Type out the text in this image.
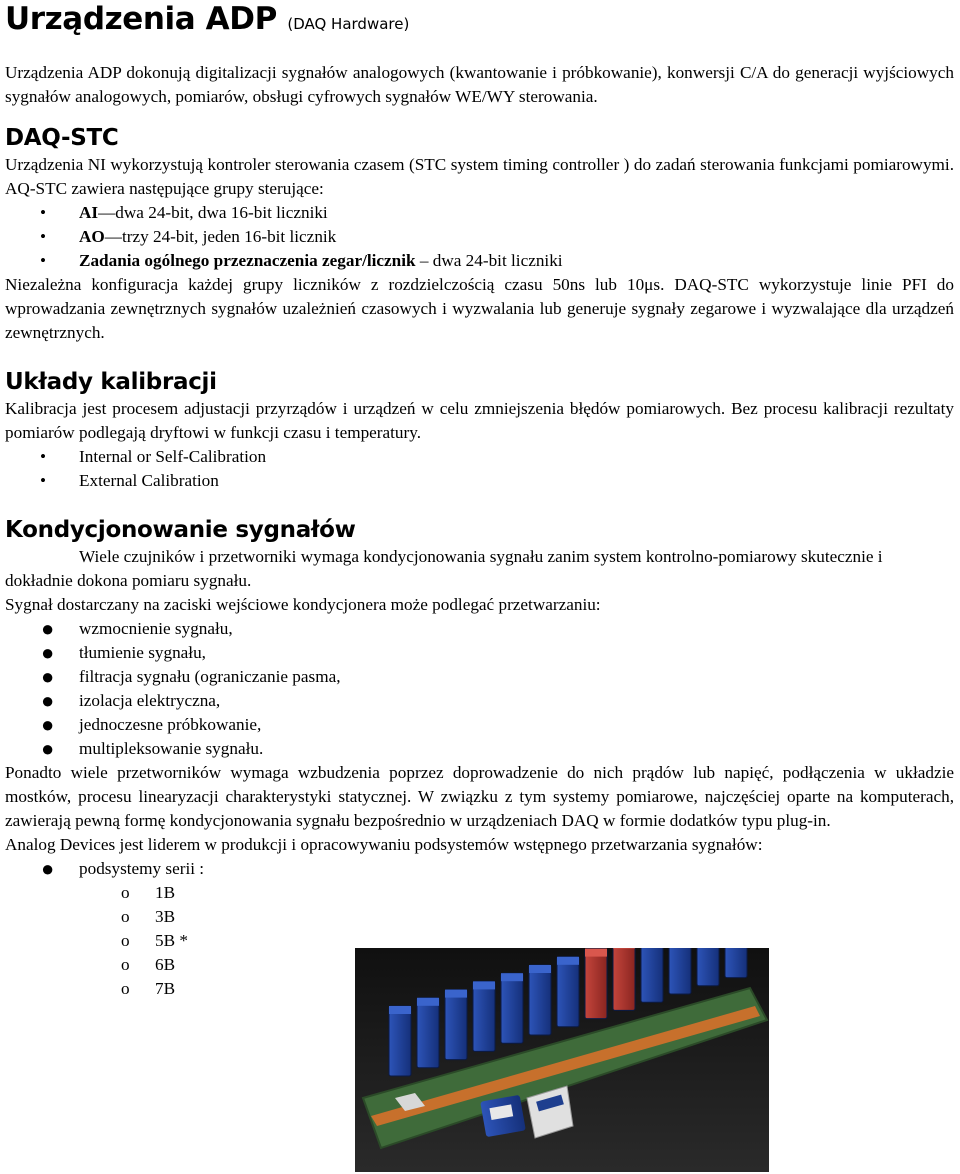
Urządzenia ADP (DAQ Hardware)

Urządzenia ADP dokonują digitalizacji sygnałów analogowych (kwantowanie i próbkowanie), konwersji C/A do generacji wyjściowych sygnałów analogowych, pomiarów, obsługi cyfrowych sygnałów WE/WY sterowania.

DAQ-STC

Urządzenia NI wykorzystują kontroler sterowania czasem (STC system timing controller ) do zadań sterowania funkcjami pomiarowymi. AQ-STC zawiera następujące grupy sterujące:

• AI—dwa 24-bit, dwa 16-bit liczniki
• AO—trzy 24-bit, jeden 16-bit licznik
• Zadania ogólnego przeznaczenia zegar/licznik – dwa 24-bit liczniki

Niezależna konfiguracja każdej grupy liczników z rozdzielczością czasu 50ns lub 10μs. DAQ-STC wykorzystuje linie PFI do wprowadzania zewnętrznych sygnałów uzależnień czasowych i wyzwalania lub generuje sygnały zegarowe i wyzwalające dla urządzeń zewnętrznych.

Układy kalibracji

Kalibracja jest procesem adjustacji przyrządów i urządzeń w celu zmniejszenia błędów pomiarowych. Bez procesu kalibracji rezultaty pomiarów podlegają dryftowi w funkcji czasu i temperatury.

• Internal or Self-Calibration
• External Calibration
Kondycjonowanie sygnałów

Wiele czujników i przetworniki wymaga kondycjonowania sygnału zanim system kontrolno-pomiarowy skutecznie i dokładnie dokona pomiaru sygnału.

Sygnał dostarczany na zaciski wejściowe kondycjonera może podlegać przetwarzaniu:

● wzmocnienie sygnału,
● tłumienie sygnału,
● filtracja sygnału (ograniczanie pasma,
● izolacja elektryczna,
● jednoczesne próbkowanie,
● multipleksowanie sygnału.

Ponadto wiele przetworników wymaga wzbudzenia poprzez doprowadzenie do nich prądów lub napięć, podłączenia w układzie mostków, procesu linearyzacji charakterystyki statycznej. W związku z tym systemy pomiarowe, najczęściej oparte na komputerach, zawierają pewną formę kondycjonowania sygnału bezpośrednio w urządzeniach DAQ w formie dodatków typu plug-in.

Analog Devices jest liderem w produkcji i opracowywaniu podsystemów wstępnego przetwarzania sygnałów:

● podsystemy serii :
o 1B
o 3B
o 5B *
o 6B
o 7B
